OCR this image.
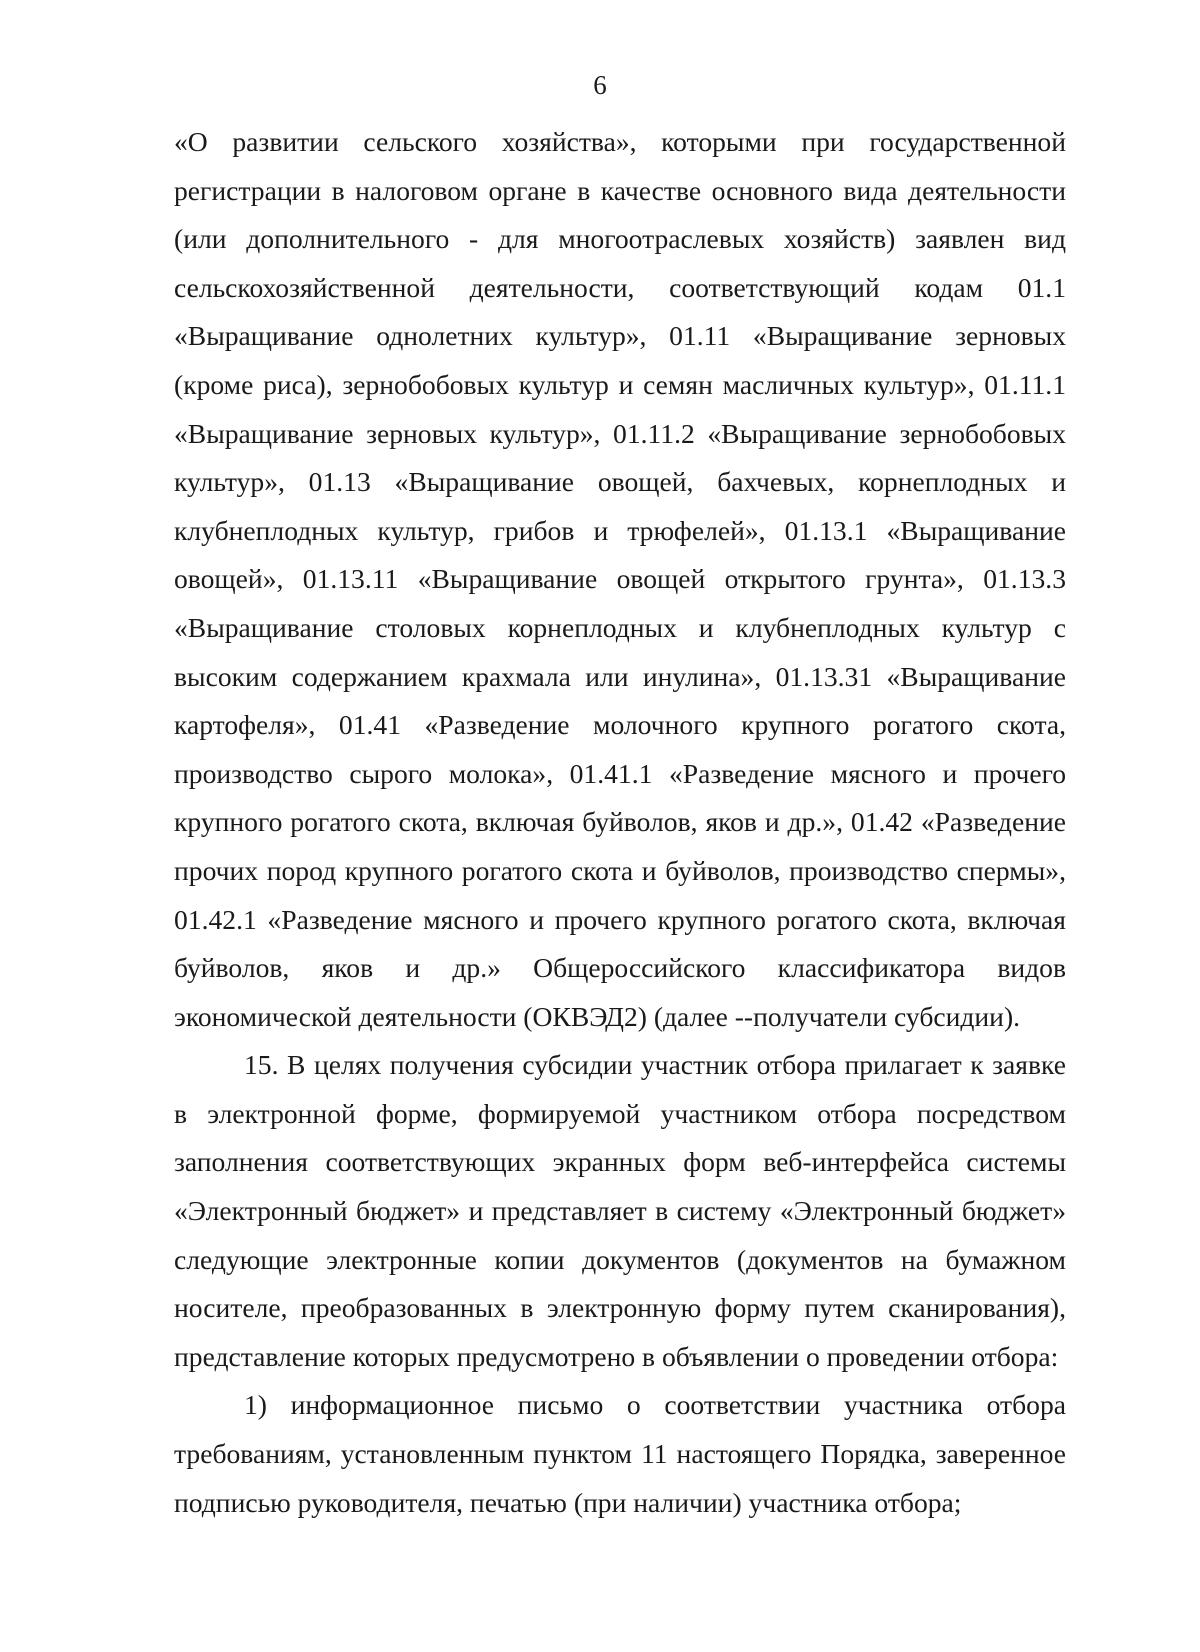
6

«О развитии сельского хозяйства», которыми при государственной регистрации в налоговом органе в качестве основного вида деятельности (или дополнительного - для многоотраслевых хозяйств) заявлен вид сельскохозяйственной деятельности, соответствующий кодам 01.1 «Выращивание однолетних культур», 01.11 «Выращивание зерновых (кроме риса), зернобобовых культур и семян масличных культур», 01.11.1 «Выращивание зерновых культур», 01.11.2 «Выращивание зернобобовых культур», 01.13 «Выращивание овощей, бахчевых, корнеплодных и клубнеплодных культур, грибов и трюфелей», 01.13.1 «Выращивание овощей», 01.13.11 «Выращивание овощей открытого грунта», 01.13.3 «Выращивание столовых корнеплодных и клубнеплодных культур с высоким содержанием крахмала или инулина», 01.13.31 «Выращивание картофеля», 01.41 «Разведение молочного крупного рогатого скота, производство сырого молока», 01.41.1 «Разведение мясного и прочего крупного рогатого скота, включая буйволов, яков и др.», 01.42 «Разведение прочих пород крупного рогатого скота и буйволов, производство спермы», 01.42.1 «Разведение мясного и прочего крупного рогатого скота, включая буйволов, яков и др.» Общероссийского классификатора видов экономической деятельности (ОКВЭД2) (далее --получатели субсидии).

15. В целях получения субсидии участник отбора прилагает к заявке в электронной форме, формируемой участником отбора посредством заполнения соответствующих экранных форм веб-интерфейса системы «Электронный бюджет» и представляет в систему «Электронный бюджет» следующие электронные копии документов (документов на бумажном носителе, преобразованных в электронную форму путем сканирования), представление которых предусмотрено в объявлении о проведении отбора:

1) информационное письмо о соответствии участника отбора требованиям, установленным пунктом 11 настоящего Порядка, заверенное подписью руководителя, печатью (при наличии) участника отбора;
